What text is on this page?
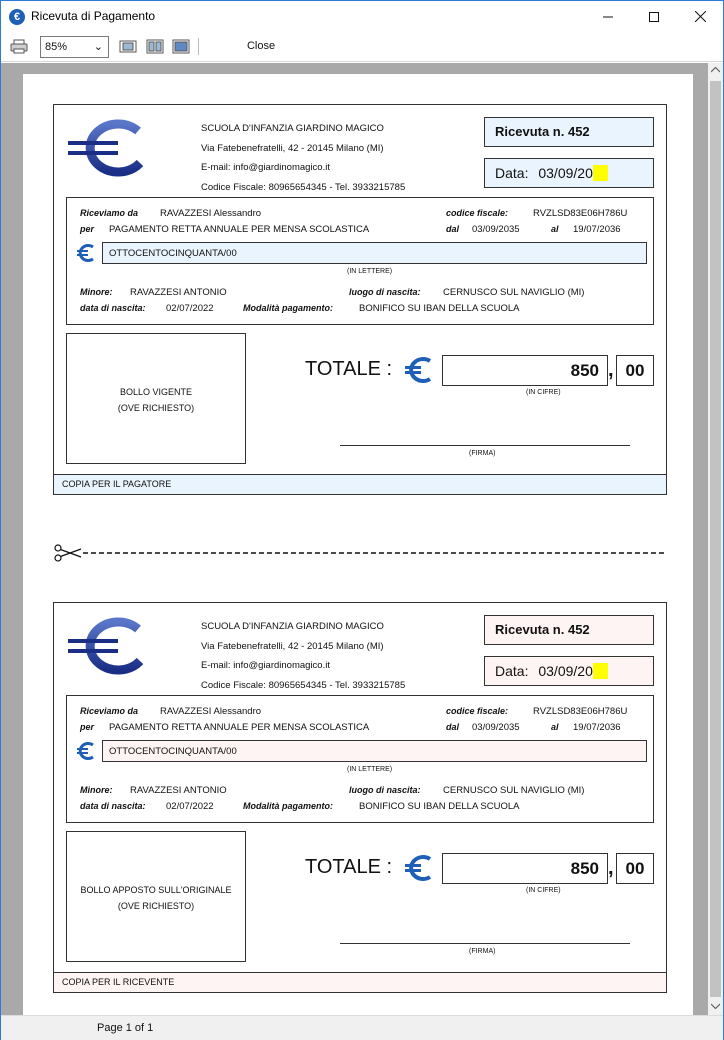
€ Ricevuta di Pagamento
85% ⌄	Close
SCUOLA D'INFANZIA GIARDINO MAGICO
Via Fatebenefratelli, 42 - 20145 Milano (MI)
E-mail: info@giardinomagico.it
Codice Fiscale: 80965654345 - Tel. 3933215785
Ricevuta n. 452
Data: 03/09/20
Riceviamo da RAVAZZESI Alessandro	codice fiscale:	RVZLSD83E06H786U
per PAGAMENTO RETTA ANNUALE PER MENSA SCOLASTICA	dal 03/09/2035	al 19/07/2036
OTTOCENTOCINQUANTA/00
(IN LETTERE)
Minore: RAVAZZESI ANTONIO	luogo di nascita: CERNUSCO SUL NAVIGLIO (MI)
data di nascita: 02/07/2022	Modalità pagamento:	BONIFICO SU IBAN DELLA SCUOLA
BOLLO VIGENTE
(OVE RICHIESTO)
TOTALE :	850 , 00
(IN CIFRE)
(FIRMA)
COPIA PER IL PAGATORE
SCUOLA D'INFANZIA GIARDINO MAGICO
Via Fatebenefratelli, 42 - 20145 Milano (MI)
E-mail: info@giardinomagico.it
Codice Fiscale: 80965654345 - Tel. 3933215785
Ricevuta n. 452
Data: 03/09/20
Riceviamo da RAVAZZESI Alessandro	codice fiscale:	RVZLSD83E06H786U
per PAGAMENTO RETTA ANNUALE PER MENSA SCOLASTICA	dal 03/09/2035	al 19/07/2036
OTTOCENTOCINQUANTA/00
(IN LETTERE)
Minore: RAVAZZESI ANTONIO	luogo di nascita: CERNUSCO SUL NAVIGLIO (MI)
data di nascita: 02/07/2022	Modalità pagamento:	BONIFICO SU IBAN DELLA SCUOLA
BOLLO APPOSTO SULL'ORIGINALE
(OVE RICHIESTO)
TOTALE :	850 , 00
(IN CIFRE)
(FIRMA)
COPIA PER IL RICEVENTE
Page 1 of 1
